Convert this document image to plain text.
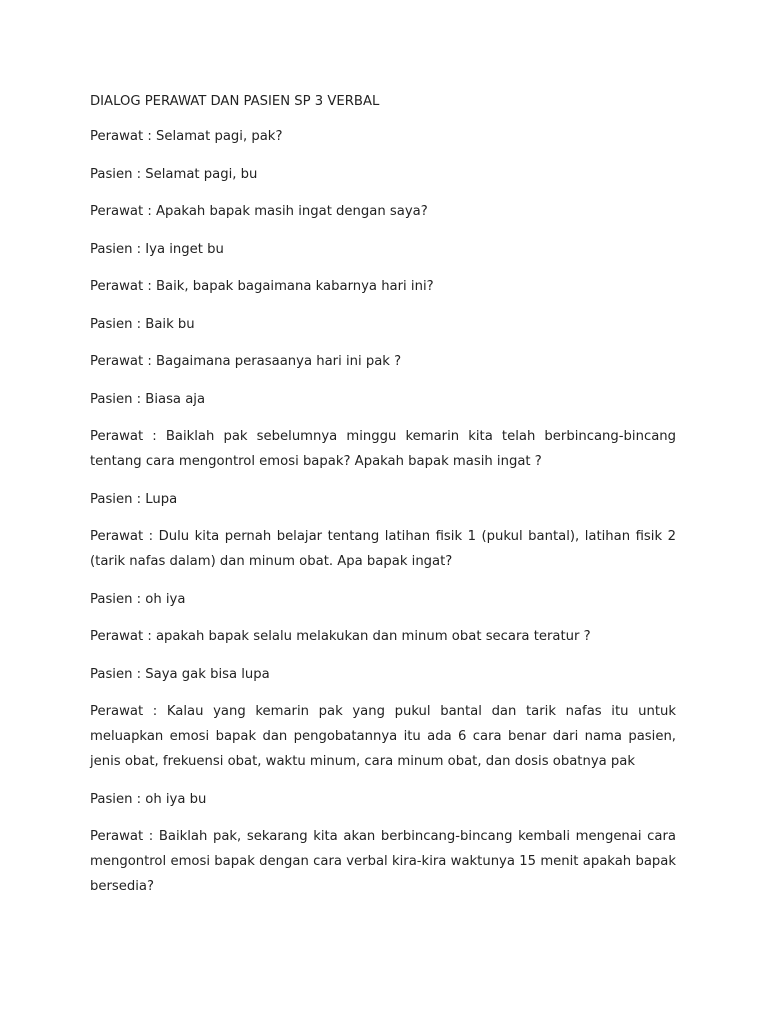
DIALOG PERAWAT DAN PASIEN SP 3 VERBAL

Perawat : Selamat pagi, pak?

Pasien : Selamat pagi, bu

Perawat : Apakah bapak masih ingat dengan saya?

Pasien : Iya inget bu

Perawat : Baik, bapak bagaimana kabarnya hari ini?

Pasien : Baik bu

Perawat : Bagaimana perasaanya hari ini pak ?

Pasien : Biasa aja

Perawat : Baiklah pak sebelumnya minggu kemarin kita telah berbincang-bincang tentang cara mengontrol emosi bapak? Apakah bapak masih ingat ?

Pasien : Lupa

Perawat : Dulu kita pernah belajar tentang latihan fisik 1 (pukul bantal), latihan fisik 2 (tarik nafas dalam) dan minum obat. Apa bapak ingat?

Pasien : oh iya

Perawat : apakah bapak selalu melakukan dan minum obat secara teratur ?

Pasien : Saya gak bisa lupa

Perawat : Kalau yang kemarin pak yang pukul bantal dan tarik nafas itu untuk meluapkan emosi bapak dan pengobatannya itu ada 6 cara benar dari nama pasien, jenis obat, frekuensi obat, waktu minum, cara minum obat, dan dosis obatnya pak

Pasien : oh iya bu

Perawat : Baiklah pak, sekarang kita akan berbincang-bincang kembali mengenai cara mengontrol emosi bapak dengan cara verbal kira-kira waktunya 15 menit apakah bapak bersedia?
